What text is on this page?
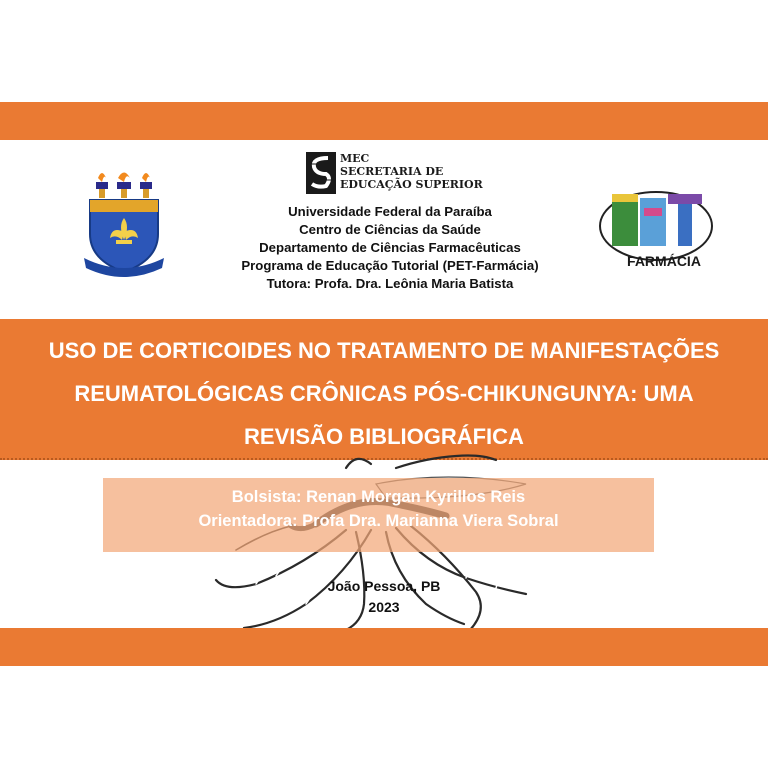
MEC
SECRETARIA DE
EDUCAÇÃO SUPERIOR
Universidade Federal da Paraíba
Centro de Ciências da Saúde
Departamento de Ciências Farmacêuticas
Programa de Educação Tutorial (PET-Farmácia)
Tutora: Profa. Dra. Leônia Maria Batista
FARMÁCIA
USO DE CORTICOIDES NO TRATAMENTO DE MANIFESTAÇÕES
REUMATOLÓGICAS CRÔNICAS PÓS-CHIKUNGUNYA: UMA
REVISÃO BIBLIOGRÁFICA
Bolsista: Renan Morgan Kyrillos Reis
Orientadora: Profa Dra. Marianna Viera Sobral
João Pessoa, PB
2023
